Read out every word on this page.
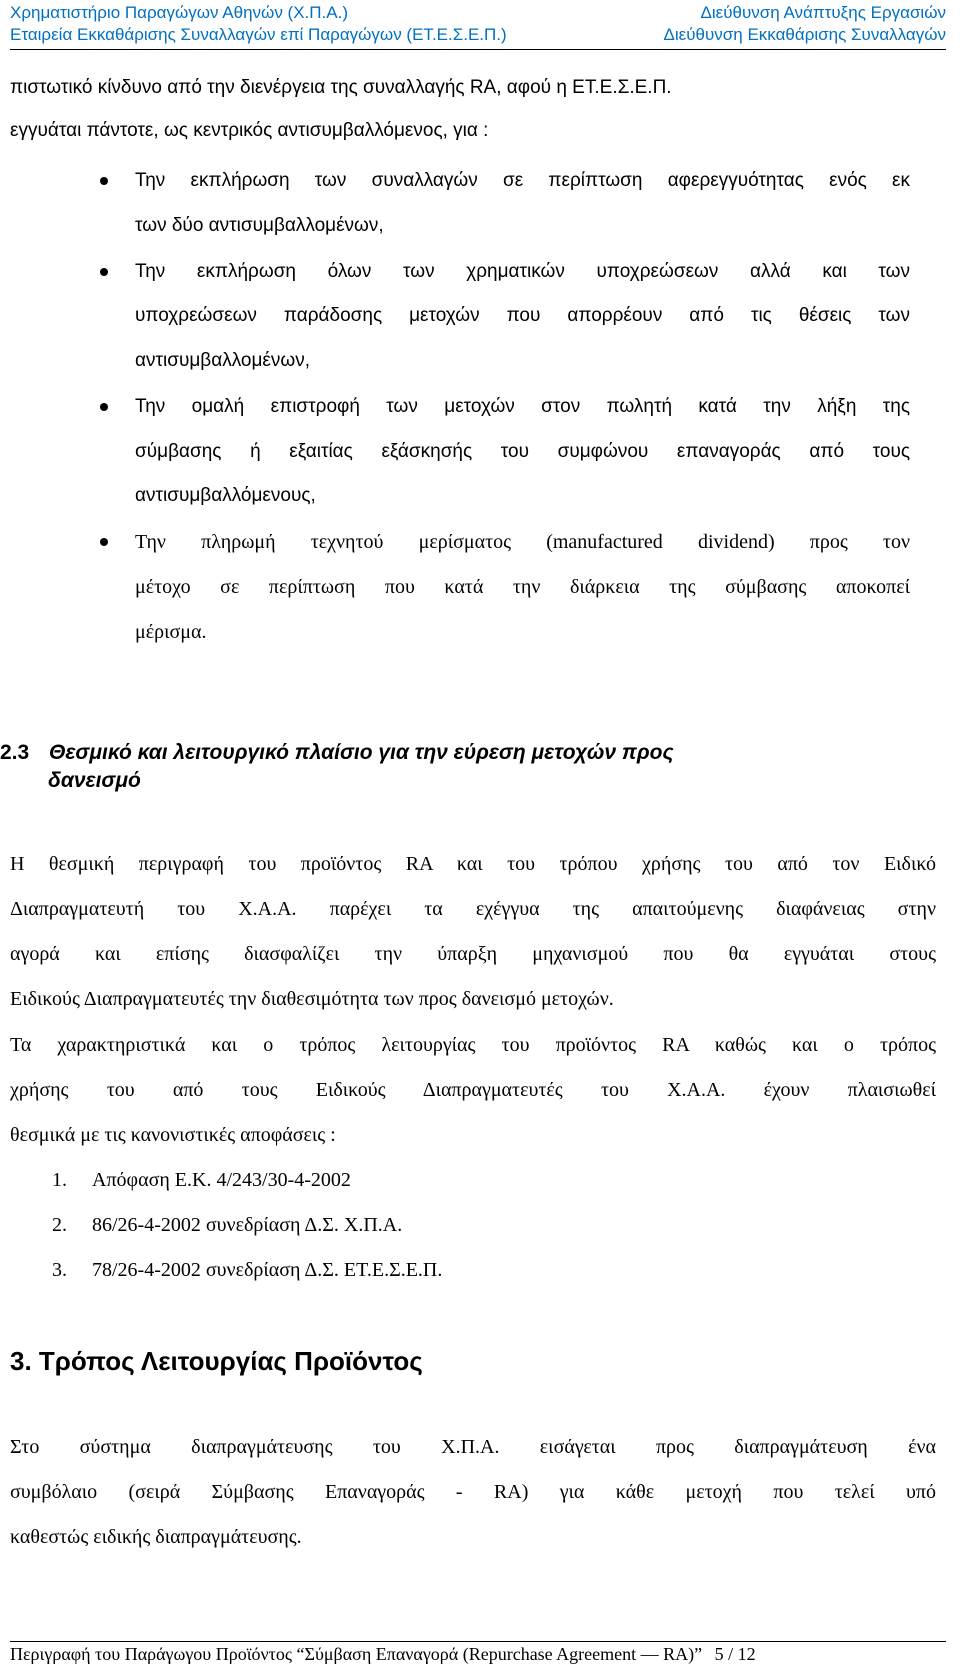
Χρηματιστήριο Παραγώγων Αθηνών (Χ.Π.Α.)	Διεύθυνση Ανάπτυξης Εργασιών
Εταιρεία Εκκαθάρισης Συναλλαγών επί Παραγώγων (ΕΤ.Ε.Σ.Ε.Π.)	Διεύθυνση Εκκαθάρισης Συναλλαγών
πιστωτικό κίνδυνο από την διενέργεια της συναλλαγής RA, αφού η ΕΤ.Ε.Σ.Ε.Π.
εγγυάται πάντοτε, ως κεντρικός αντισυμβαλλόμενος, για :
Την εκπλήρωση των συναλλαγών σε περίπτωση αφερεγγυότητας ενός εκ
των δύο αντισυμβαλλομένων,
Την εκπλήρωση όλων των χρηματικών υποχρεώσεων αλλά και των
υποχρεώσεων παράδοσης μετοχών που απορρέουν από τις θέσεις των
αντισυμβαλλομένων,
Την ομαλή επιστροφή των μετοχών στον πωλητή κατά την λήξη της
σύμβασης ή εξαιτίας εξάσκησής του συμφώνου επαναγοράς από τους
αντισυμβαλλόμενους,
Την πληρωμή τεχνητού μερίσματος (manufactured dividend) προς τον
μέτοχο σε περίπτωση που κατά την διάρκεια της σύμβασης αποκοπεί
μέρισμα.
2.3 Θεσμικό και λειτουργικό πλαίσιο για την εύρεση μετοχών προς
δανεισμό
Η θεσμική περιγραφή του προϊόντος RA και του τρόπου χρήσης του από τον Ειδικό
Διαπραγματευτή του Χ.Α.Α. παρέχει τα εχέγγυα της απαιτούμενης διαφάνειας στην
αγορά και επίσης διασφαλίζει την ύπαρξη μηχανισμού που θα εγγυάται στους
Ειδικούς Διαπραγματευτές την διαθεσιμότητα των προς δανεισμό μετοχών.
Τα χαρακτηριστικά και ο τρόπος λειτουργίας του προϊόντος RA καθώς και ο τρόπος
χρήσης του από τους Ειδικούς Διαπραγματευτές του Χ.Α.Α. έχουν πλαισιωθεί
θεσμικά με τις κανονιστικές αποφάσεις :
1. Απόφαση Ε.Κ. 4/243/30-4-2002
2. 86/26-4-2002 συνεδρίαση Δ.Σ. Χ.Π.Α.
3. 78/26-4-2002 συνεδρίαση Δ.Σ. ΕΤ.Ε.Σ.Ε.Π.
3. Τρόπος Λειτουργίας Προϊόντος
Στο σύστημα διαπραγμάτευσης του Χ.Π.Α. εισάγεται προς διαπραγμάτευση ένα
συμβόλαιο (σειρά Σύμβασης Επαναγοράς - RA) για κάθε μετοχή που τελεί υπό
καθεστώς ειδικής διαπραγμάτευσης.
Περιγραφή του Παράγωγου Προϊόντος “Σύμβαση Επαναγορά (Repurchase Agreement — RA)” 5 / 12
